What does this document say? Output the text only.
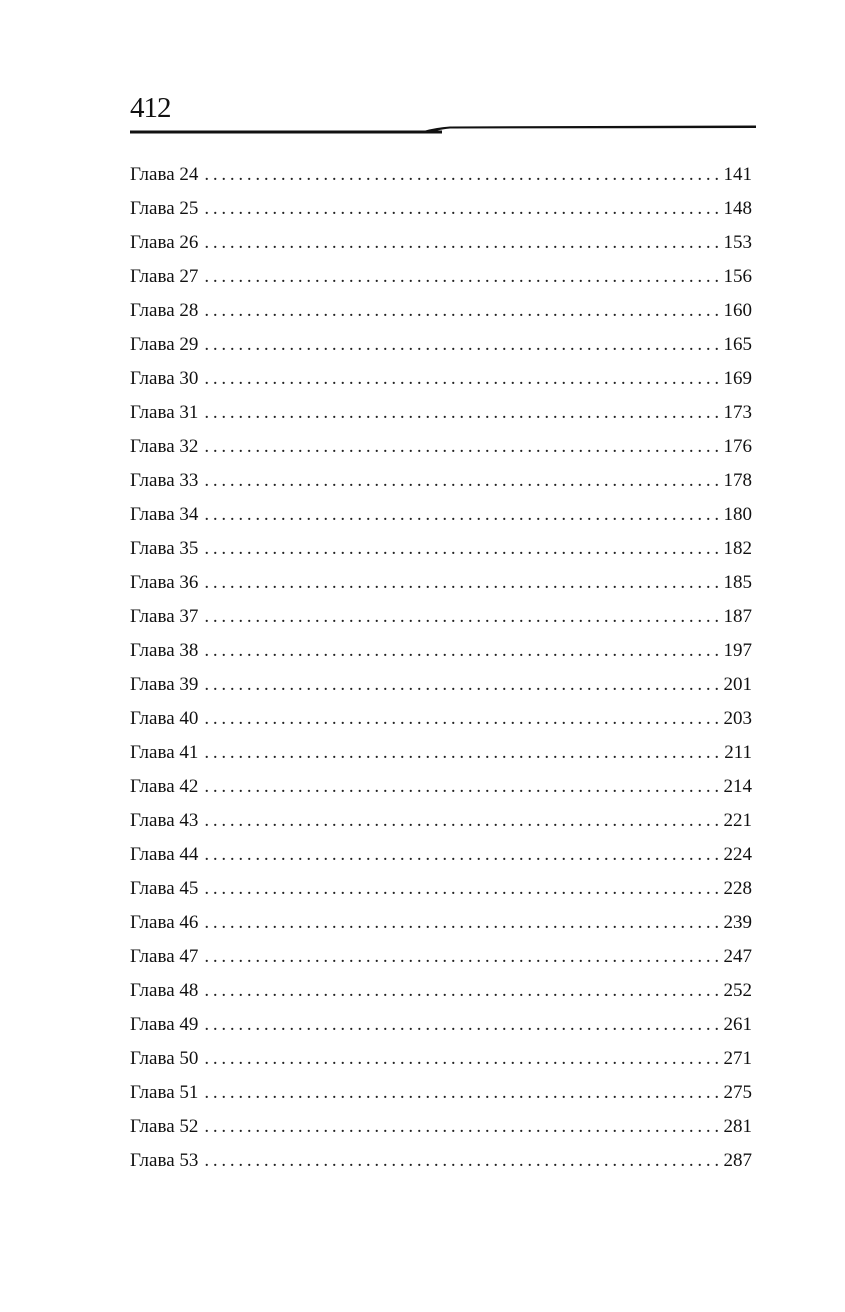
412
Глава 24 . . .	141
Глава 25 . . .	148
Глава 26 . . .	153
Глава 27 . . .	156
Глава 28 . . .	160
Глава 29 . . .	165
Глава 30 . . .	169
Глава 31 . . .	173
Глава 32 . . .	176
Глава 33 . . .	178
Глава 34 . . .	180
Глава 35 . . .	182
Глава 36 . . .	185
Глава 37 . . .	187
Глава 38 . . .	197
Глава 39 . . .	201
Глава 40 . . .	203
Глава 41 . . .	211
Глава 42 . . .	214
Глава 43 . . .	221
Глава 44 . . .	224
Глава 45 . . .	228
Глава 46 . . .	239
Глава 47 . . .	247
Глава 48 . . .	252
Глава 49 . . .	261
Глава 50 . . .	271
Глава 51 . . .	275
Глава 52 . . .	281
Глава 53 . . .	287
